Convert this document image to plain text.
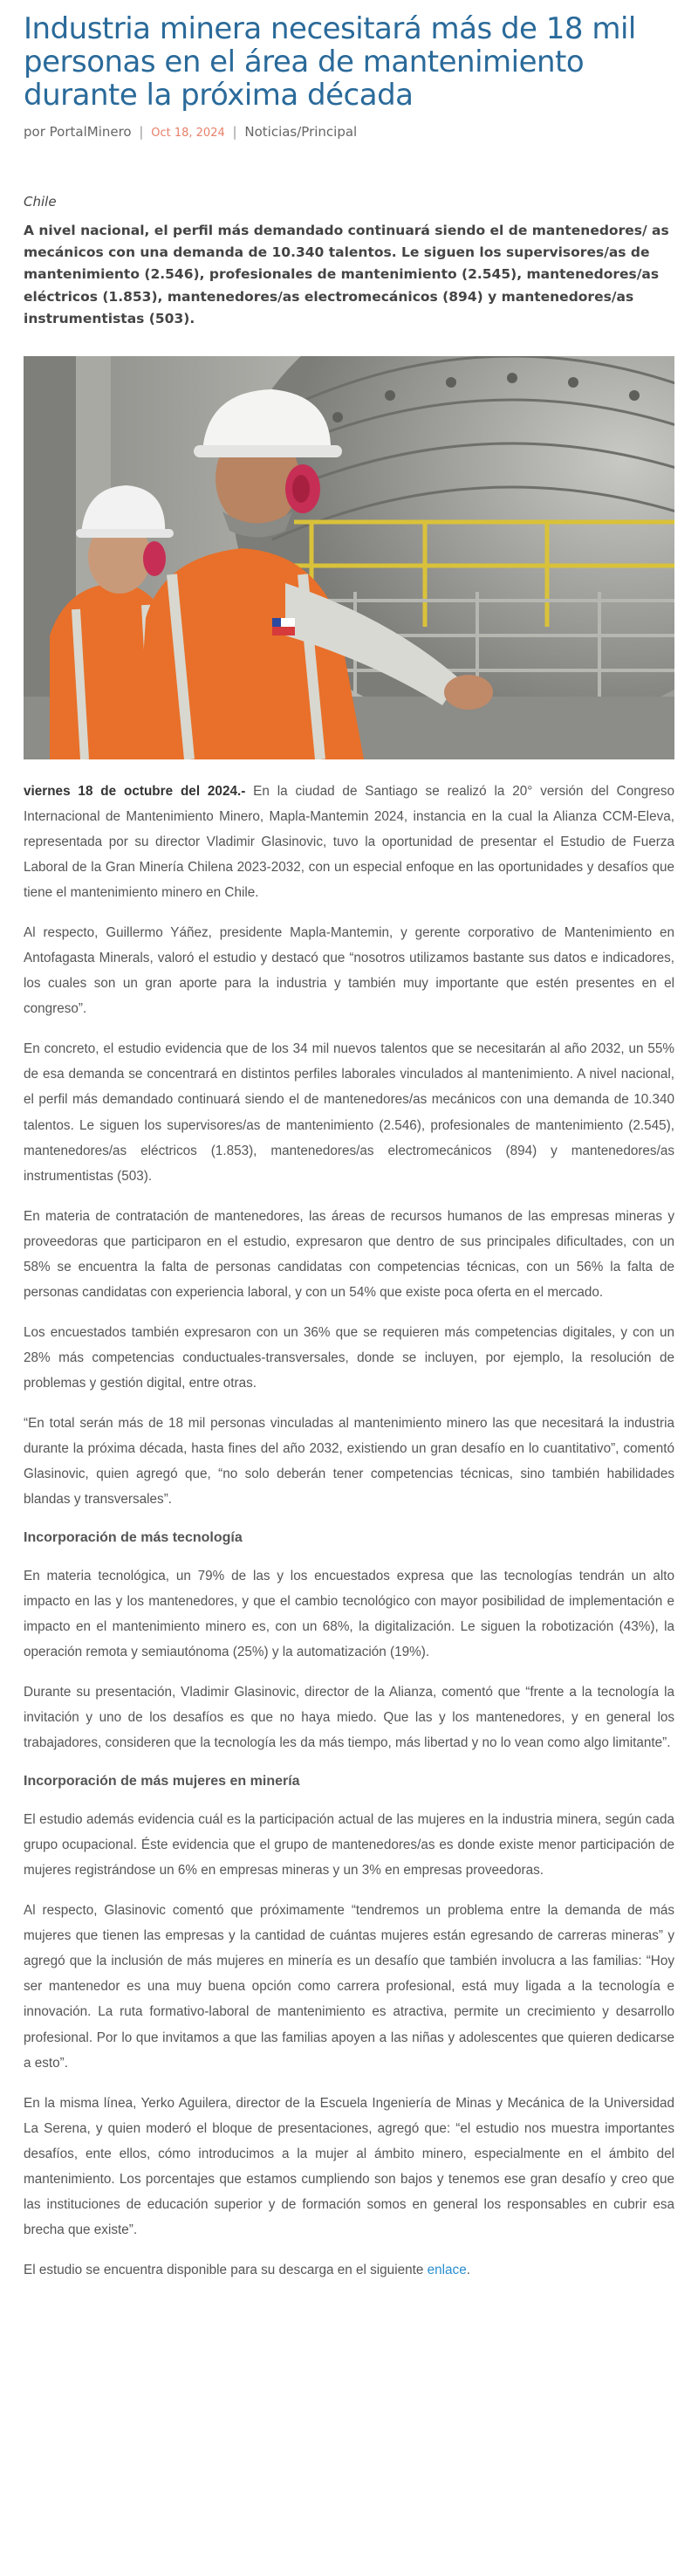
Industria minera necesitará más de 18 mil personas en el área de mantenimiento durante la próxima década
por PortalMinero | Oct 18, 2024 | Noticias/Principal
Chile
A nivel nacional, el perfil más demandado continuará siendo el de mantenedores/ as mecánicos con una demanda de 10.340 talentos. Le siguen los supervisores/as de mantenimiento (2.546), profesionales de mantenimiento (2.545), mantenedores/as eléctricos (1.853), mantenedores/as electromecánicos (894) y mantenedores/as instrumentistas (503).

viernes 18 de octubre del 2024.- En la ciudad de Santiago se realizó la 20° versión del Congreso Internacional de Mantenimiento Minero, Mapla-Mantemin 2024, instancia en la cual la Alianza CCM-Eleva, representada por su director Vladimir Glasinovic, tuvo la oportunidad de presentar el Estudio de Fuerza Laboral de la Gran Minería Chilena 2023-2032, con un especial enfoque en las oportunidades y desafíos que tiene el mantenimiento minero en Chile.

Al respecto, Guillermo Yáñez, presidente Mapla-Mantemin, y gerente corporativo de Mantenimiento en Antofagasta Minerals, valoró el estudio y destacó que “nosotros utilizamos bastante sus datos e indicadores, los cuales son un gran aporte para la industria y también muy importante que estén presentes en el congreso”.

En concreto, el estudio evidencia que de los 34 mil nuevos talentos que se necesitarán al año 2032, un 55% de esa demanda se concentrará en distintos perfiles laborales vinculados al mantenimiento. A nivel nacional, el perfil más demandado continuará siendo el de mantenedores/as mecánicos con una demanda de 10.340 talentos. Le siguen los supervisores/as de mantenimiento (2.546), profesionales de mantenimiento (2.545), mantenedores/as eléctricos (1.853), mantenedores/as electromecánicos (894) y mantenedores/as instrumentistas (503).

En materia de contratación de mantenedores, las áreas de recursos humanos de las empresas mineras y proveedoras que participaron en el estudio, expresaron que dentro de sus principales dificultades, con un 58% se encuentra la falta de personas candidatas con competencias técnicas, con un 56% la falta de personas candidatas con experiencia laboral, y con un 54% que existe poca oferta en el mercado.

Los encuestados también expresaron con un 36% que se requieren más competencias digitales, y con un 28% más competencias conductuales-transversales, donde se incluyen, por ejemplo, la resolución de problemas y gestión digital, entre otras.

“En total serán más de 18 mil personas vinculadas al mantenimiento minero las que necesitará la industria durante la próxima década, hasta fines del año 2032, existiendo un gran desafío en lo cuantitativo”, comentó Glasinovic, quien agregó que, “no solo deberán tener competencias técnicas, sino también habilidades blandas y transversales”.

Incorporación de más tecnología

En materia tecnológica, un 79% de las y los encuestados expresa que las tecnologías tendrán un alto impacto en las y los mantenedores, y que el cambio tecnológico con mayor posibilidad de implementación e impacto en el mantenimiento minero es, con un 68%, la digitalización. Le siguen la robotización (43%), la operación remota y semiautónoma (25%) y la automatización (19%).

Durante su presentación, Vladimir Glasinovic, director de la Alianza, comentó que “frente a la tecnología la invitación y uno de los desafíos es que no haya miedo. Que las y los mantenedores, y en general los trabajadores, consideren que la tecnología les da más tiempo, más libertad y no lo vean como algo limitante”.

Incorporación de más mujeres en minería

El estudio además evidencia cuál es la participación actual de las mujeres en la industria minera, según cada grupo ocupacional. Éste evidencia que el grupo de mantenedores/as es donde existe menor participación de mujeres registrándose un 6% en empresas mineras y un 3% en empresas proveedoras.

Al respecto, Glasinovic comentó que próximamente “tendremos un problema entre la demanda de más mujeres que tienen las empresas y la cantidad de cuántas mujeres están egresando de carreras mineras” y agregó que la inclusión de más mujeres en minería es un desafío que también involucra a las familias: “Hoy ser mantenedor es una muy buena opción como carrera profesional, está muy ligada a la tecnología e innovación. La ruta formativo-laboral de mantenimiento es atractiva, permite un crecimiento y desarrollo profesional. Por lo que invitamos a que las familias apoyen a las niñas y adolescentes que quieren dedicarse a esto”.

En la misma línea, Yerko Aguilera, director de la Escuela Ingeniería de Minas y Mecánica de la Universidad La Serena, y quien moderó el bloque de presentaciones, agregó que: “el estudio nos muestra importantes desafíos, ente ellos, cómo introducimos a la mujer al ámbito minero, especialmente en el ámbito del mantenimiento. Los porcentajes que estamos cumpliendo son bajos y tenemos ese gran desafío y creo que las instituciones de educación superior y de formación somos en general los responsables en cubrir esa brecha que existe”.

El estudio se encuentra disponible para su descarga en el siguiente enlace.
